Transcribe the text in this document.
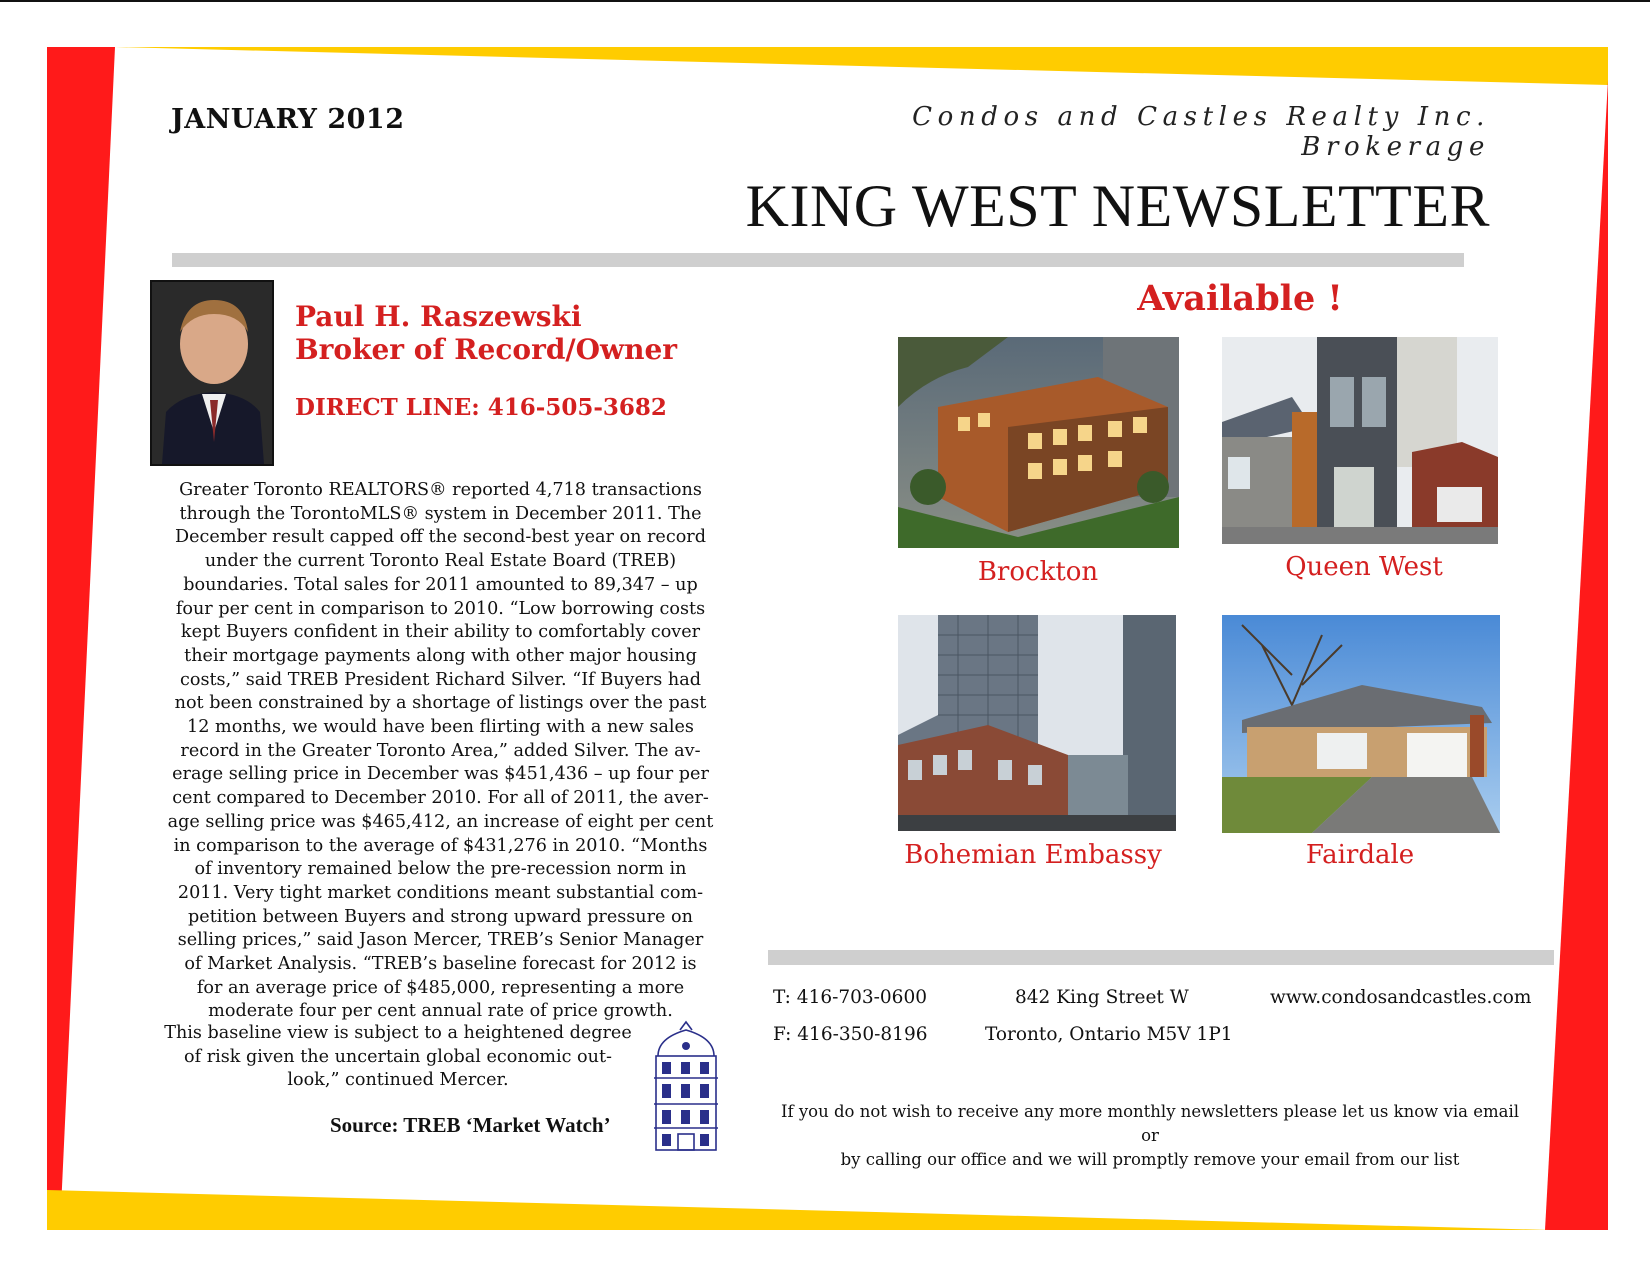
JANUARY 2012	Condos and Castles Realty Inc. Brokerage
KING WEST NEWSLETTER
Paul H. Raszewski
Broker of Record/Owner
DIRECT LINE: 416-505-3682
Greater Toronto REALTORS® reported 4,718 transactions
through the TorontoMLS® system in December 2011. The
December result capped off the second-best year on record
under the current Toronto Real Estate Board (TREB)
boundaries. Total sales for 2011 amounted to 89,347 – up
four per cent in comparison to 2010. “Low borrowing costs
kept Buyers confident in their ability to comfortably cover
their mortgage payments along with other major housing
costs,” said TREB President Richard Silver. “If Buyers had
not been constrained by a shortage of listings over the past
12 months, we would have been flirting with a new sales
record in the Greater Toronto Area,” added Silver. The av-
erage selling price in December was $451,436 – up four per
cent compared to December 2010. For all of 2011, the aver-
age selling price was $465,412, an increase of eight per cent
in comparison to the average of $431,276 in 2010. “Months
of inventory remained below the pre-recession norm in
2011. Very tight market conditions meant substantial com-
petition between Buyers and strong upward pressure on
selling prices,” said Jason Mercer, TREB’s Senior Manager
of Market Analysis. “TREB’s baseline forecast for 2012 is
for an average price of $485,000, representing a more
moderate four per cent annual rate of price growth.
This baseline view is subject to a heightened degree
of risk given the uncertain global economic out-
look,” continued Mercer.
Source: TREB ‘Market Watch’
Available !
Brockton	Queen West
Bohemian Embassy	Fairdale
T: 416-703-0600
F: 416-350-8196
842 King Street W
Toronto, Ontario M5V 1P1
www.condosandcastles.com
If you do not wish to receive any more monthly newsletters please let us know via email or
by calling our office and we will promptly remove your email from our list
